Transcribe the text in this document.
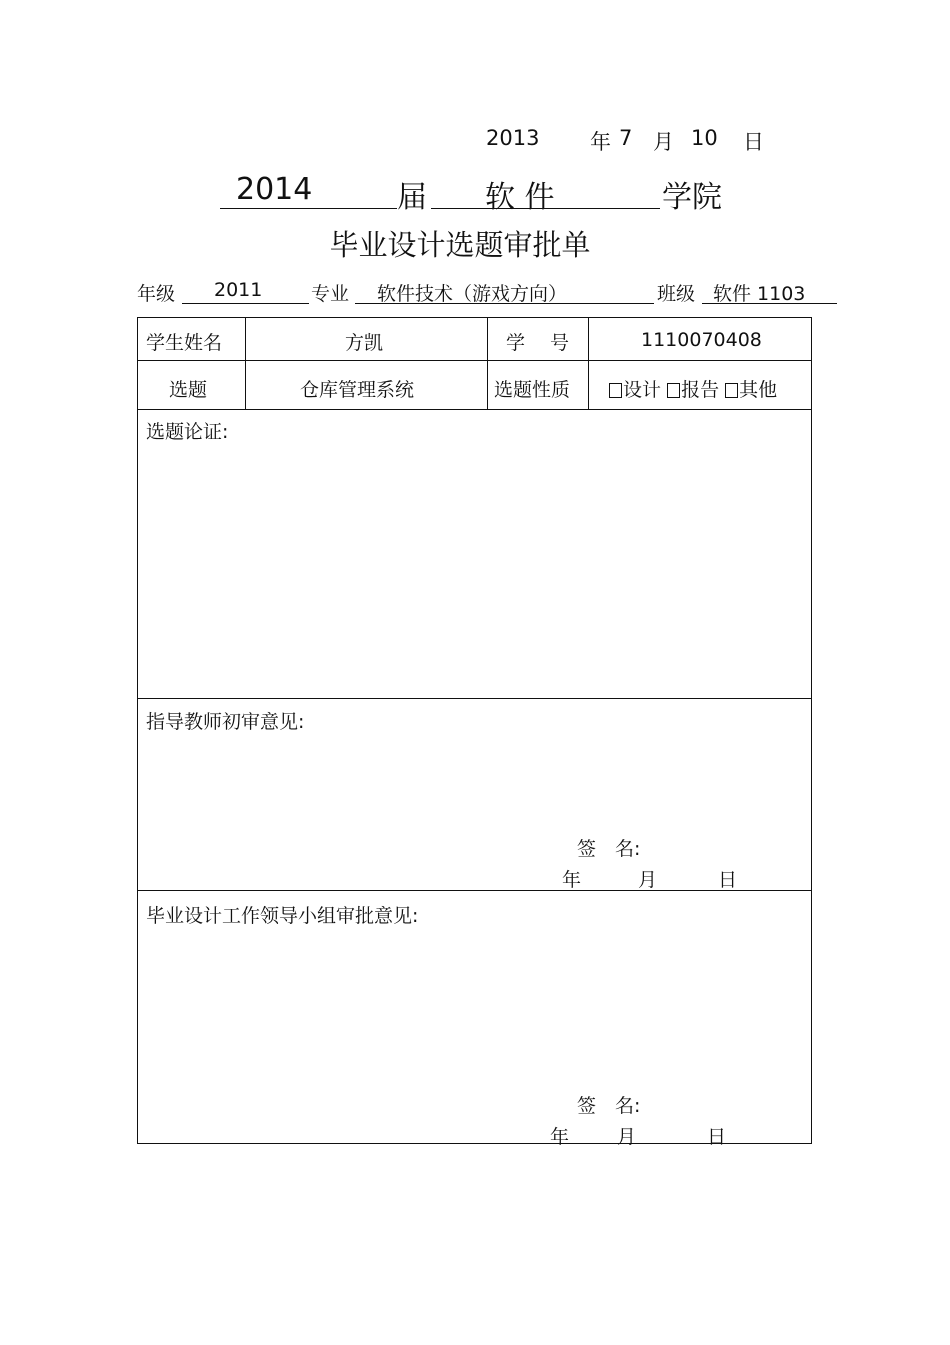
2013 年 7 月 10 日
2014	届 软 件	学院
毕业设计选题审批单
年级 2011	专业 软件技术（游戏方向）	班级 软件 1103
学生姓名	方凯	学　 号	1110070408
选题	仓库管理系统	选题性质	设计 报告 其他
选题论证:
指导教师初审意见:
签　名:
年	月	日
毕业设计工作领导小组审批意见:
签　名:
年	月	日
